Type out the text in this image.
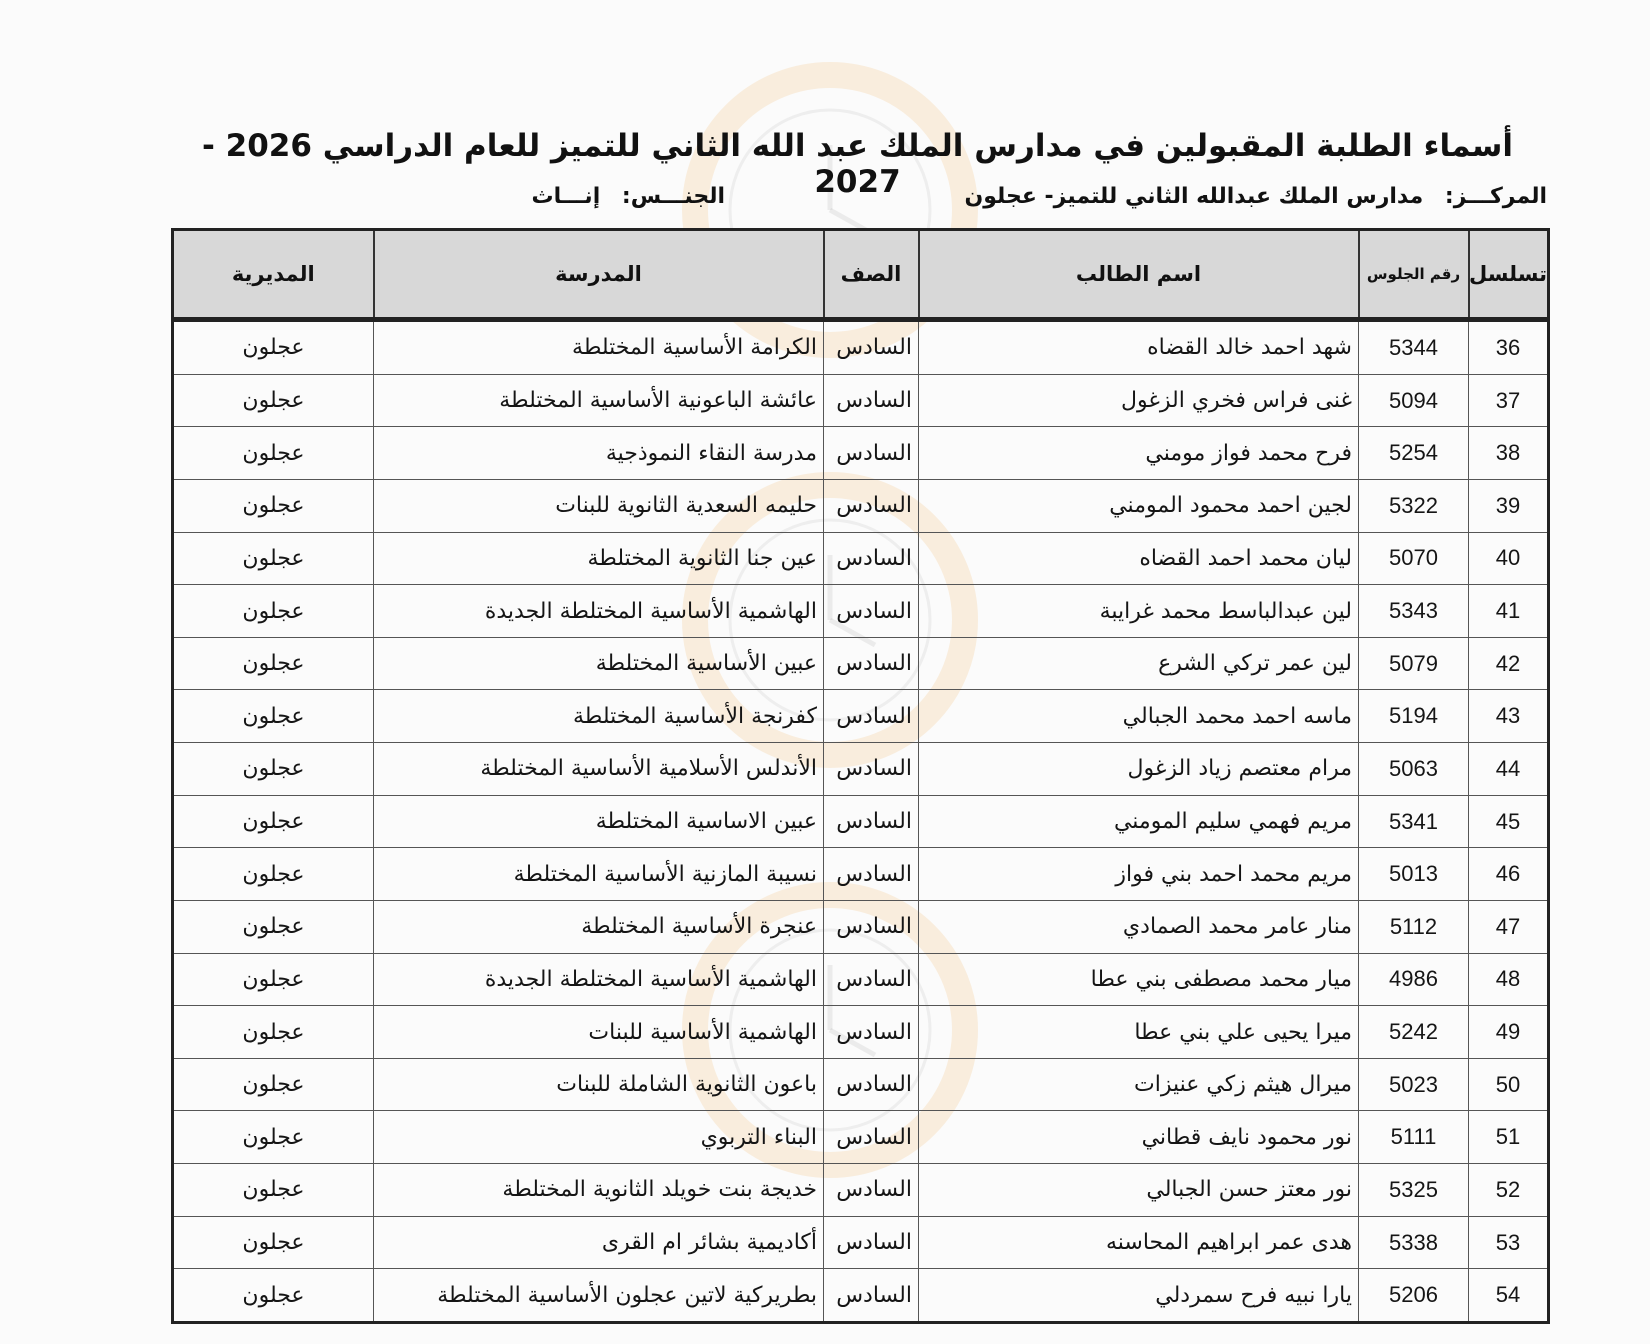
أسماء الطلبة المقبولين في مدارس الملك عبد الله الثاني للتميز للعام الدراسي 2026 - 2027	المركـــز: مدارس الملك عبدالله الثاني للتميز- عجلون
الجنـــس: إنـــاث
تسلسل	رقم الجلوس	اسم الطالب	الصف	المدرسة	المديرية
36	5344	شهد احمد خالد القضاه	السادس	الكرامة الأساسية المختلطة	عجلون
37	5094	غنى فراس فخري الزغول	السادس	عائشة الباعونية الأساسية المختلطة	عجلون
38	5254	فرح محمد فواز مومني	السادس	مدرسة النقاء النموذجية	عجلون
39	5322	لجين احمد محمود المومني	السادس	حليمه السعدية الثانوية للبنات	عجلون
40	5070	ليان محمد احمد القضاه	السادس	عين جنا الثانوية المختلطة	عجلون
41	5343	لين عبدالباسط محمد غرايبة	السادس	الهاشمية الأساسية المختلطة الجديدة	عجلون
42	5079	لين عمر تركي الشرع	السادس	عبين الأساسية المختلطة	عجلون
43	5194	ماسه احمد محمد الجبالي	السادس	كفرنجة الأساسية المختلطة	عجلون
44	5063	مرام معتصم زياد الزغول	السادس	الأندلس الأسلامية الأساسية المختلطة	عجلون
45	5341	مريم فهمي سليم المومني	السادس	عبين الاساسية المختلطة	عجلون
46	5013	مريم محمد احمد بني فواز	السادس	نسيبة المازنية الأساسية المختلطة	عجلون
47	5112	منار عامر محمد الصمادي	السادس	عنجرة الأساسية المختلطة	عجلون
48	4986	ميار محمد مصطفى بني عطا	السادس	الهاشمية الأساسية المختلطة الجديدة	عجلون
49	5242	ميرا يحيى علي بني عطا	السادس	الهاشمية الأساسية للبنات	عجلون
50	5023	ميرال هيثم زكي عنيزات	السادس	باعون الثانوية الشاملة للبنات	عجلون
51	5111	نور محمود نايف قطاني	السادس	البناء التربوي	عجلون
52	5325	نور معتز حسن الجبالي	السادس	خديجة بنت خويلد الثانوية المختلطة	عجلون
53	5338	هدى عمر ابراهيم المحاسنه	السادس	أكاديمية بشائر ام القرى	عجلون
54	5206	يارا نبيه فرح سمردلي	السادس	بطريركية لاتين عجلون الأساسية المختلطة	عجلون
